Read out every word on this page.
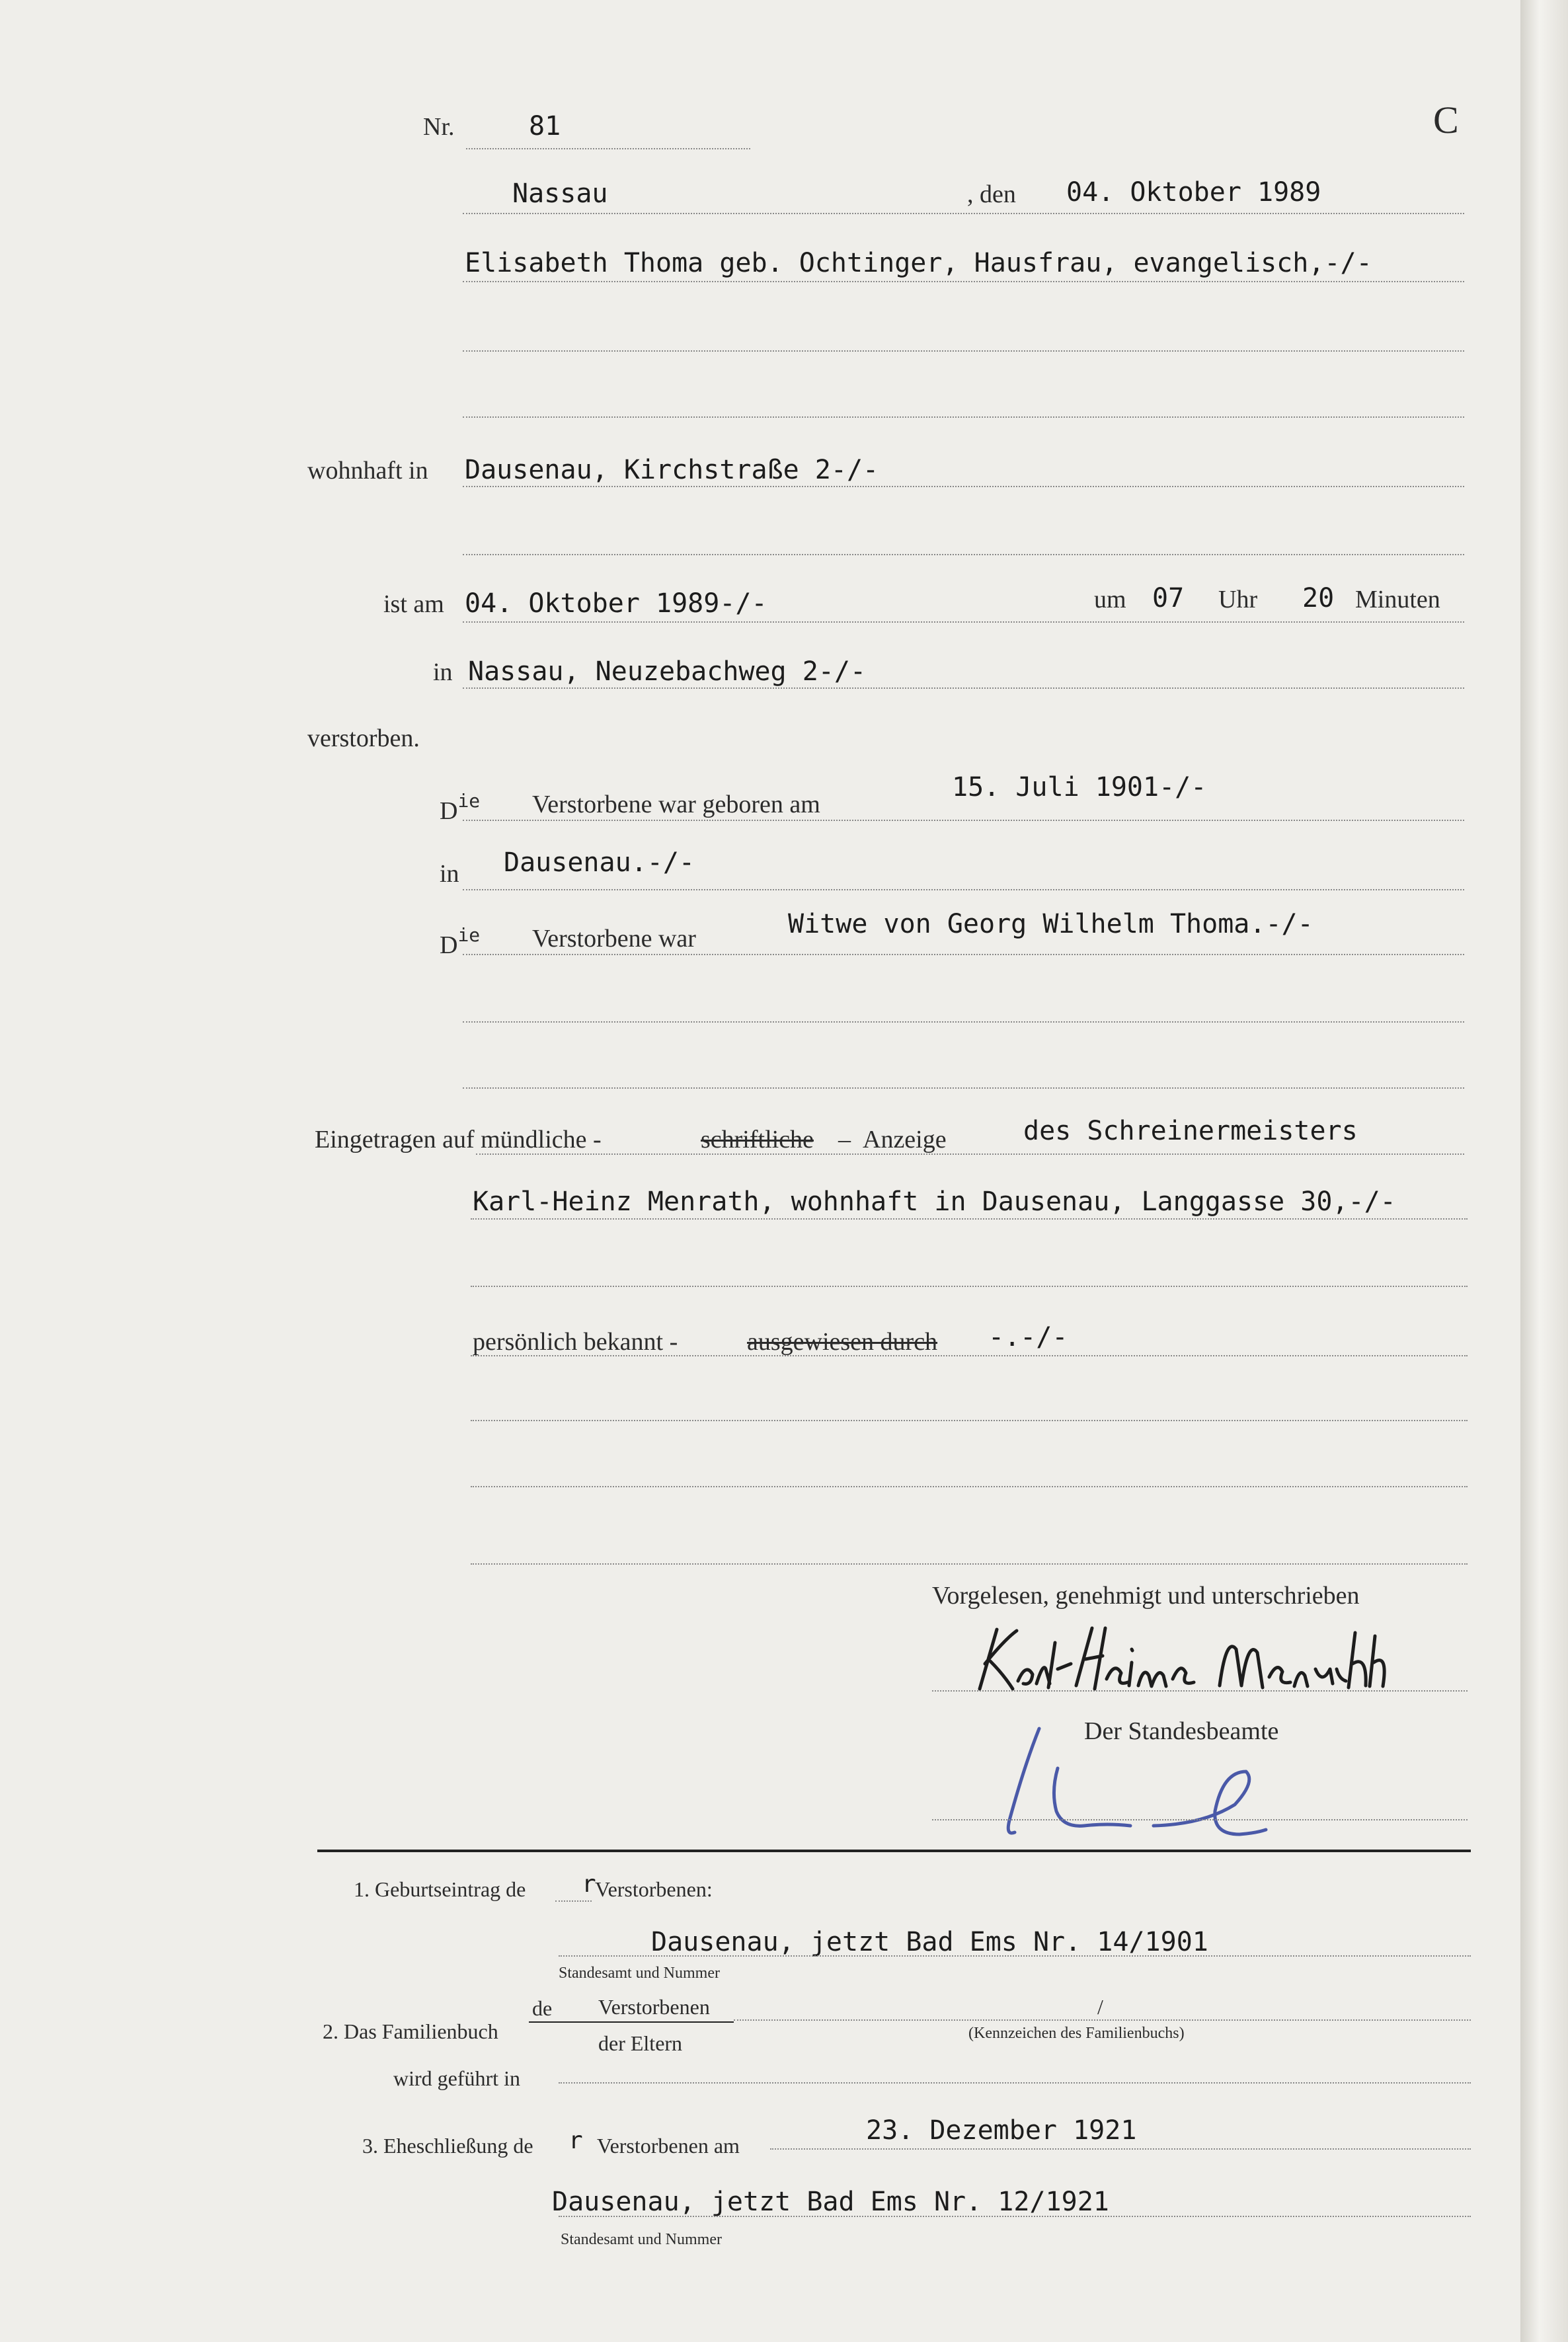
Nr.	81	C
Nassau	, den 04. Oktober 1989
Elisabeth Thoma geb. Ochtinger, Hausfrau, evangelisch,-/-
wohnhaft in Dausenau, Kirchstraße 2-/-
ist am 04. Oktober 1989-/-	um 07 Uhr 20 Minuten
in Nassau, Neuzebachweg 2-/-
verstorben.
$D^{ie}$ Verstorbene war geboren am
15. Juli 1901-/-
in Dausenau.-/-
$D^{ie}$ Verstorbene war	Witwe von Georg Wilhelm Thoma.-/-
Eingetragen auf mündliche -	schriftliche – Anzeige	des Schreinermeisters
Karl-Heinz Menrath, wohnhaft in Dausenau, Langgasse 30,-/-
persönlich bekannt -	ausgewiesen durch -.-/-
Vorgelesen, genehmigt und unterschrieben
Der Standesbeamte
1. Geburtseintrag de r
Verstorbenen:
Dausenau, jetzt Bad Ems Nr. 14/1901
Standesamt und Nummer
de Verstorbenen
2. Das Familienbuch	der Eltern
/
(Kennzeichen des Familienbuchs)
wird geführt in
3. Eheschließung de r Verstorbenen am	23. Dezember 1921
Dausenau, jetzt Bad Ems Nr. 12/1921
Standesamt und Nummer
